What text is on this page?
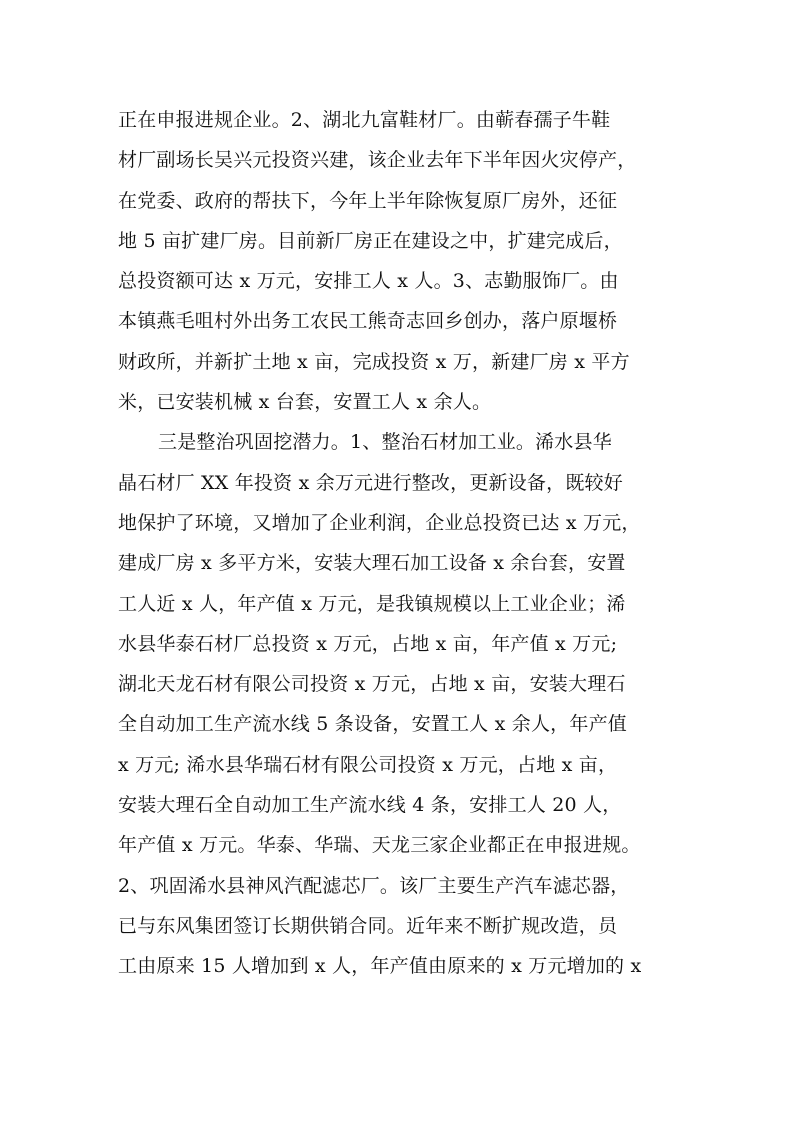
正在申报进规企业。2、湖北九富鞋材厂。由蕲春孺子牛鞋
材厂副场长吴兴元投资兴建，该企业去年下半年因火灾停产，
在党委、政府的帮扶下，今年上半年除恢复原厂房外，还征
地 5 亩扩建厂房。目前新厂房正在建设之中，扩建完成后，
总投资额可达 x 万元，安排工人 x 人。3、志勤服饰厂。由
本镇燕毛咀村外出务工农民工熊奇志回乡创办，落户原堰桥
财政所，并新扩土地 x 亩，完成投资 x 万，新建厂房 x 平方
米，已安装机械 x 台套，安置工人 x 余人。
三是整治巩固挖潜力。1、整治石材加工业。浠水县华
晶石材厂 XX 年投资 x 余万元进行整改，更新设备，既较好
地保护了环境，又增加了企业利润，企业总投资已达 x 万元，
建成厂房 x 多平方米，安装大理石加工设备 x 余台套，安置
工人近 x 人，年产值 x 万元，是我镇规模以上工业企业；浠
水县华泰石材厂总投资 x 万元，占地 x 亩，年产值 x 万元;
湖北天龙石材有限公司投资 x 万元，占地 x 亩，安装大理石
全自动加工生产流水线 5 条设备，安置工人 x 余人，年产值
x 万元; 浠水县华瑞石材有限公司投资 x 万元，占地 x 亩，
安装大理石全自动加工生产流水线 4 条，安排工人 20 人，
年产值 x 万元。华泰、华瑞、天龙三家企业都正在申报进规。
2、巩固浠水县神风汽配滤芯厂。该厂主要生产汽车滤芯器，
已与东风集团签订长期供销合同。近年来不断扩规改造，员
工由原来 15 人增加到 x 人，年产值由原来的 x 万元增加的 x
